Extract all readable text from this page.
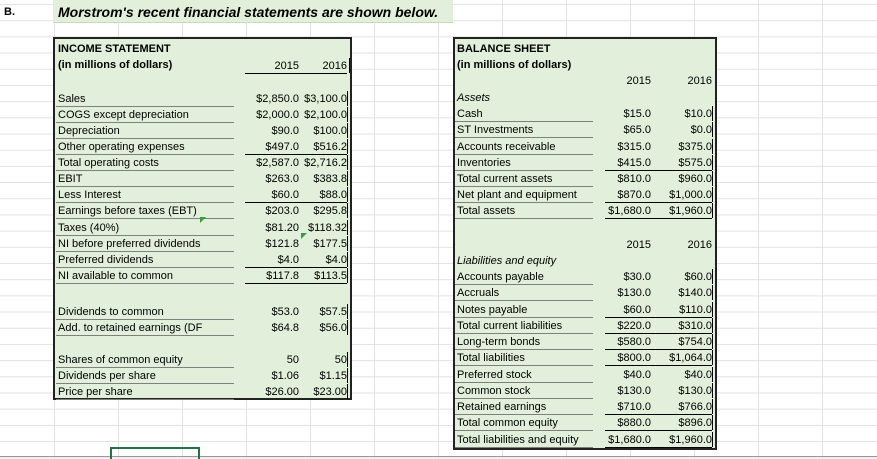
B.	Morstrom's recent financial statements are shown below.
INCOME STATEMENT
(in millions of dollars)	2015	2016
Sales	$2,850.0 $3,100.0
COGS except depreciation	$2,000.0 $2,100.0
Depreciation	$90.0	$100.0
Other operating expenses	$497.0	$516.2
Total operating costs	$2,587.0 $2,716.2
EBIT	$263.0	$383.8
Less Interest	$60.0	$88.0
Earnings before taxes (EBT)	$203.0	$295.8
Taxes (40%)	$81.20 $118.32
NI before preferred dividends	$121.8	$177.5
Preferred dividends	$4.0	$4.0
NI available to common	$117.8	$113.5
Dividends to common	$53.0	$57.5
Add. to retained earnings (DF	$64.8	$56.0
Shares of common equity	50	50
Dividends per share	$1.06	$1.15
Price per share	$26.00	$23.00
BALANCE SHEET
(in millions of dollars)
2015	2016
Assets
Cash	$15.0	$10.0
ST Investments	$65.0	$0.0
Accounts receivable	$315.0	$375.0
Inventories	$415.0	$575.0
Total current assets	$810.0	$960.0
Net plant and equipment	$870.0	$1,000.0
Total assets	$1,680.0	$1,960.0
2015	2016
Liabilities and equity
Accounts payable	$30.0	$60.0
Accruals	$130.0	$140.0
Notes payable	$60.0	$110.0
Total current liabilities	$220.0	$310.0
Long-term bonds	$580.0	$754.0
Total liabilities	$800.0	$1,064.0
Preferred stock	$40.0	$40.0
Common stock	$130.0	$130.0
Retained earnings	$710.0	$766.0
Total common equity	$880.0	$896.0
Total liabilities and equity	$1,680.0	$1,960.0
